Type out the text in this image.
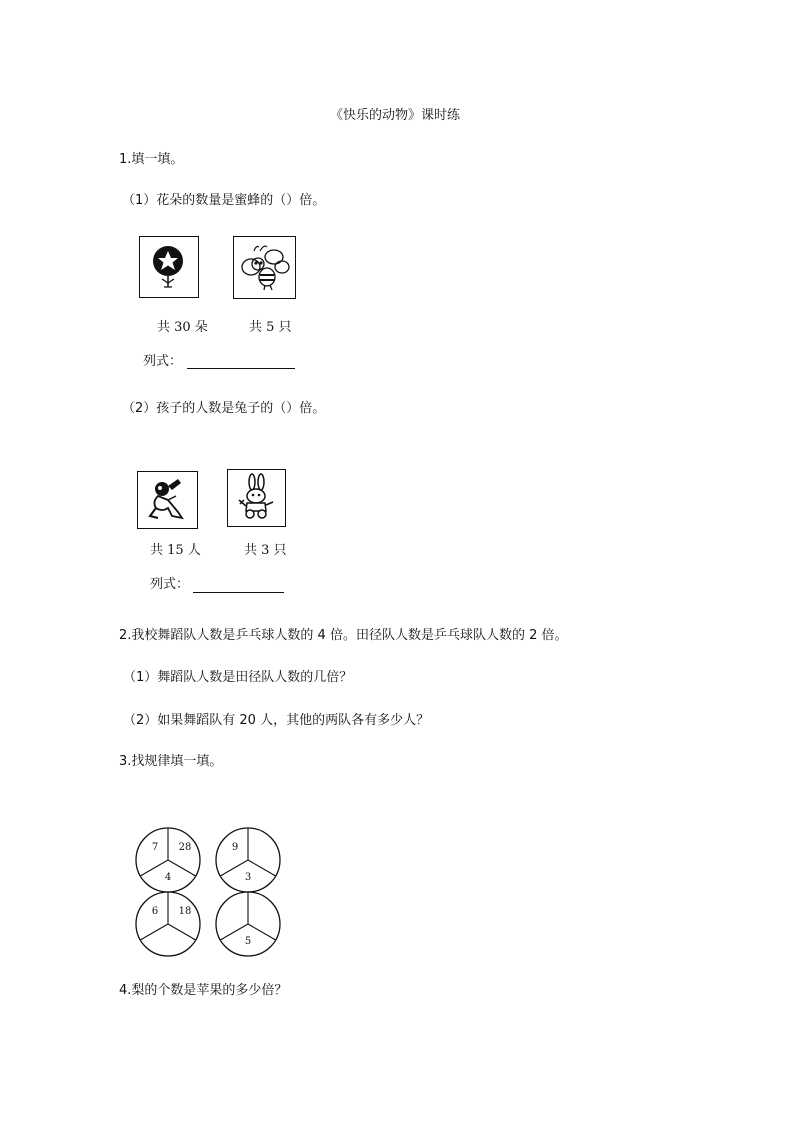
《快乐的动物》课时练
1.填一填。
（1）花朵的数量是蜜蜂的（）倍。
共 30 朵	共 5 只
列式：
（2）孩子的人数是兔子的（）倍。
共 15 人	共 3 只
列式：
2.我校舞蹈队人数是乒乓球人数的 4 倍。田径队人数是乒乓球队人数的 2 倍。
（1）舞蹈队人数是田径队人数的几倍？
（2）如果舞蹈队有 20 人，其他的两队各有多少人？
3.找规律填一填。
7 28
4
9
3
6 18
5
4.梨的个数是苹果的多少倍？
